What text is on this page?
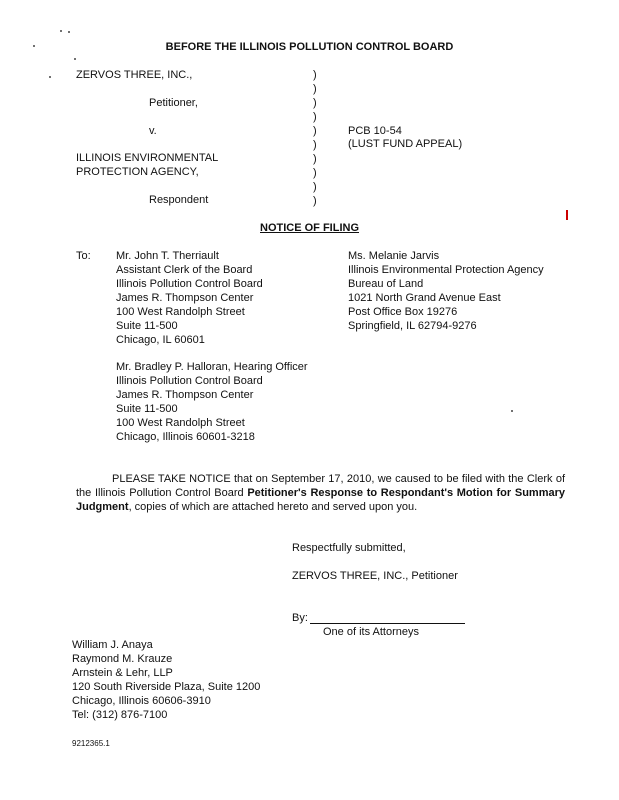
BEFORE THE ILLINOIS POLLUTION CONTROL BOARD
ZERVOS THREE, INC.,
Petitioner,
v.
ILLINOIS ENVIRONMENTAL
PROTECTION AGENCY,
Respondent
)
)
)
)
)
)
)
)
)
)
PCB 10-54
(LUST FUND APPEAL)
NOTICE OF FILING
To: Mr. John T. Therriault
Assistant Clerk of the Board
Illinois Pollution Control Board
James R. Thompson Center
100 West Randolph Street
Suite 11-500
Chicago, IL 60601
Ms. Melanie Jarvis
Illinois Environmental Protection Agency
Bureau of Land
1021 North Grand Avenue East
Post Office Box 19276
Springfield, IL 62794-9276
Mr. Bradley P. Halloran, Hearing Officer
Illinois Pollution Control Board
James R. Thompson Center
Suite 11-500
100 West Randolph Street
Chicago, Illinois 60601-3218
PLEASE TAKE NOTICE that on September 17, 2010, we caused to be filed with the Clerk of the Illinois Pollution Control Board Petitioner's Response to Respondant's Motion for Summary Judgment, copies of which are attached hereto and served upon you.
Respectfully submitted,
ZERVOS THREE, INC., Petitioner
By:
One of its Attorneys
William J. Anaya
Raymond M. Krauze
Arnstein & Lehr, LLP
120 South Riverside Plaza, Suite 1200
Chicago, Illinois 60606-3910
Tel: (312) 876-7100
9212365.1
